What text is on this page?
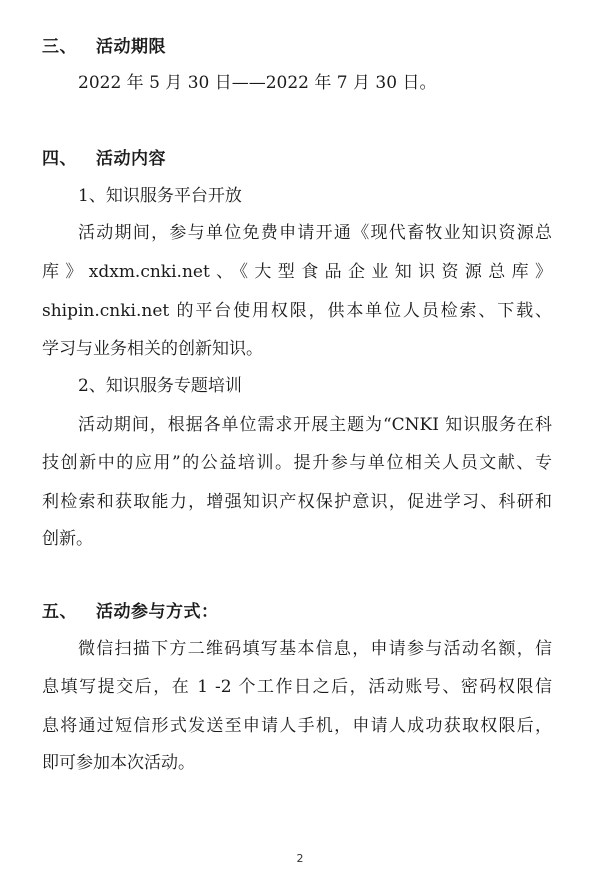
三、 活动期限
2022 年 5 月 30 日——2022 年 7 月 30 日。
四、 活动内容
1、知识服务平台开放
活动期间，参与单位免费申请开通《现代畜牧业知识资源总
库》xdxm.cnki.net、《大型食品企业知识资源总库》
shipin.cnki.net 的平台使用权限，供本单位人员检索、下载、
学习与业务相关的创新知识。
2、知识服务专题培训
活动期间，根据各单位需求开展主题为“CNKI 知识服务在科
技创新中的应用”的公益培训。提升参与单位相关人员文献、专
利检索和获取能力，增强知识产权保护意识，促进学习、科研和
创新。
五、 活动参与方式：
微信扫描下方二维码填写基本信息，申请参与活动名额，信
息填写提交后，在 1 -2 个工作日之后，活动账号、密码权限信
息将通过短信形式发送至申请人手机，申请人成功获取权限后，
即可参加本次活动。
2
